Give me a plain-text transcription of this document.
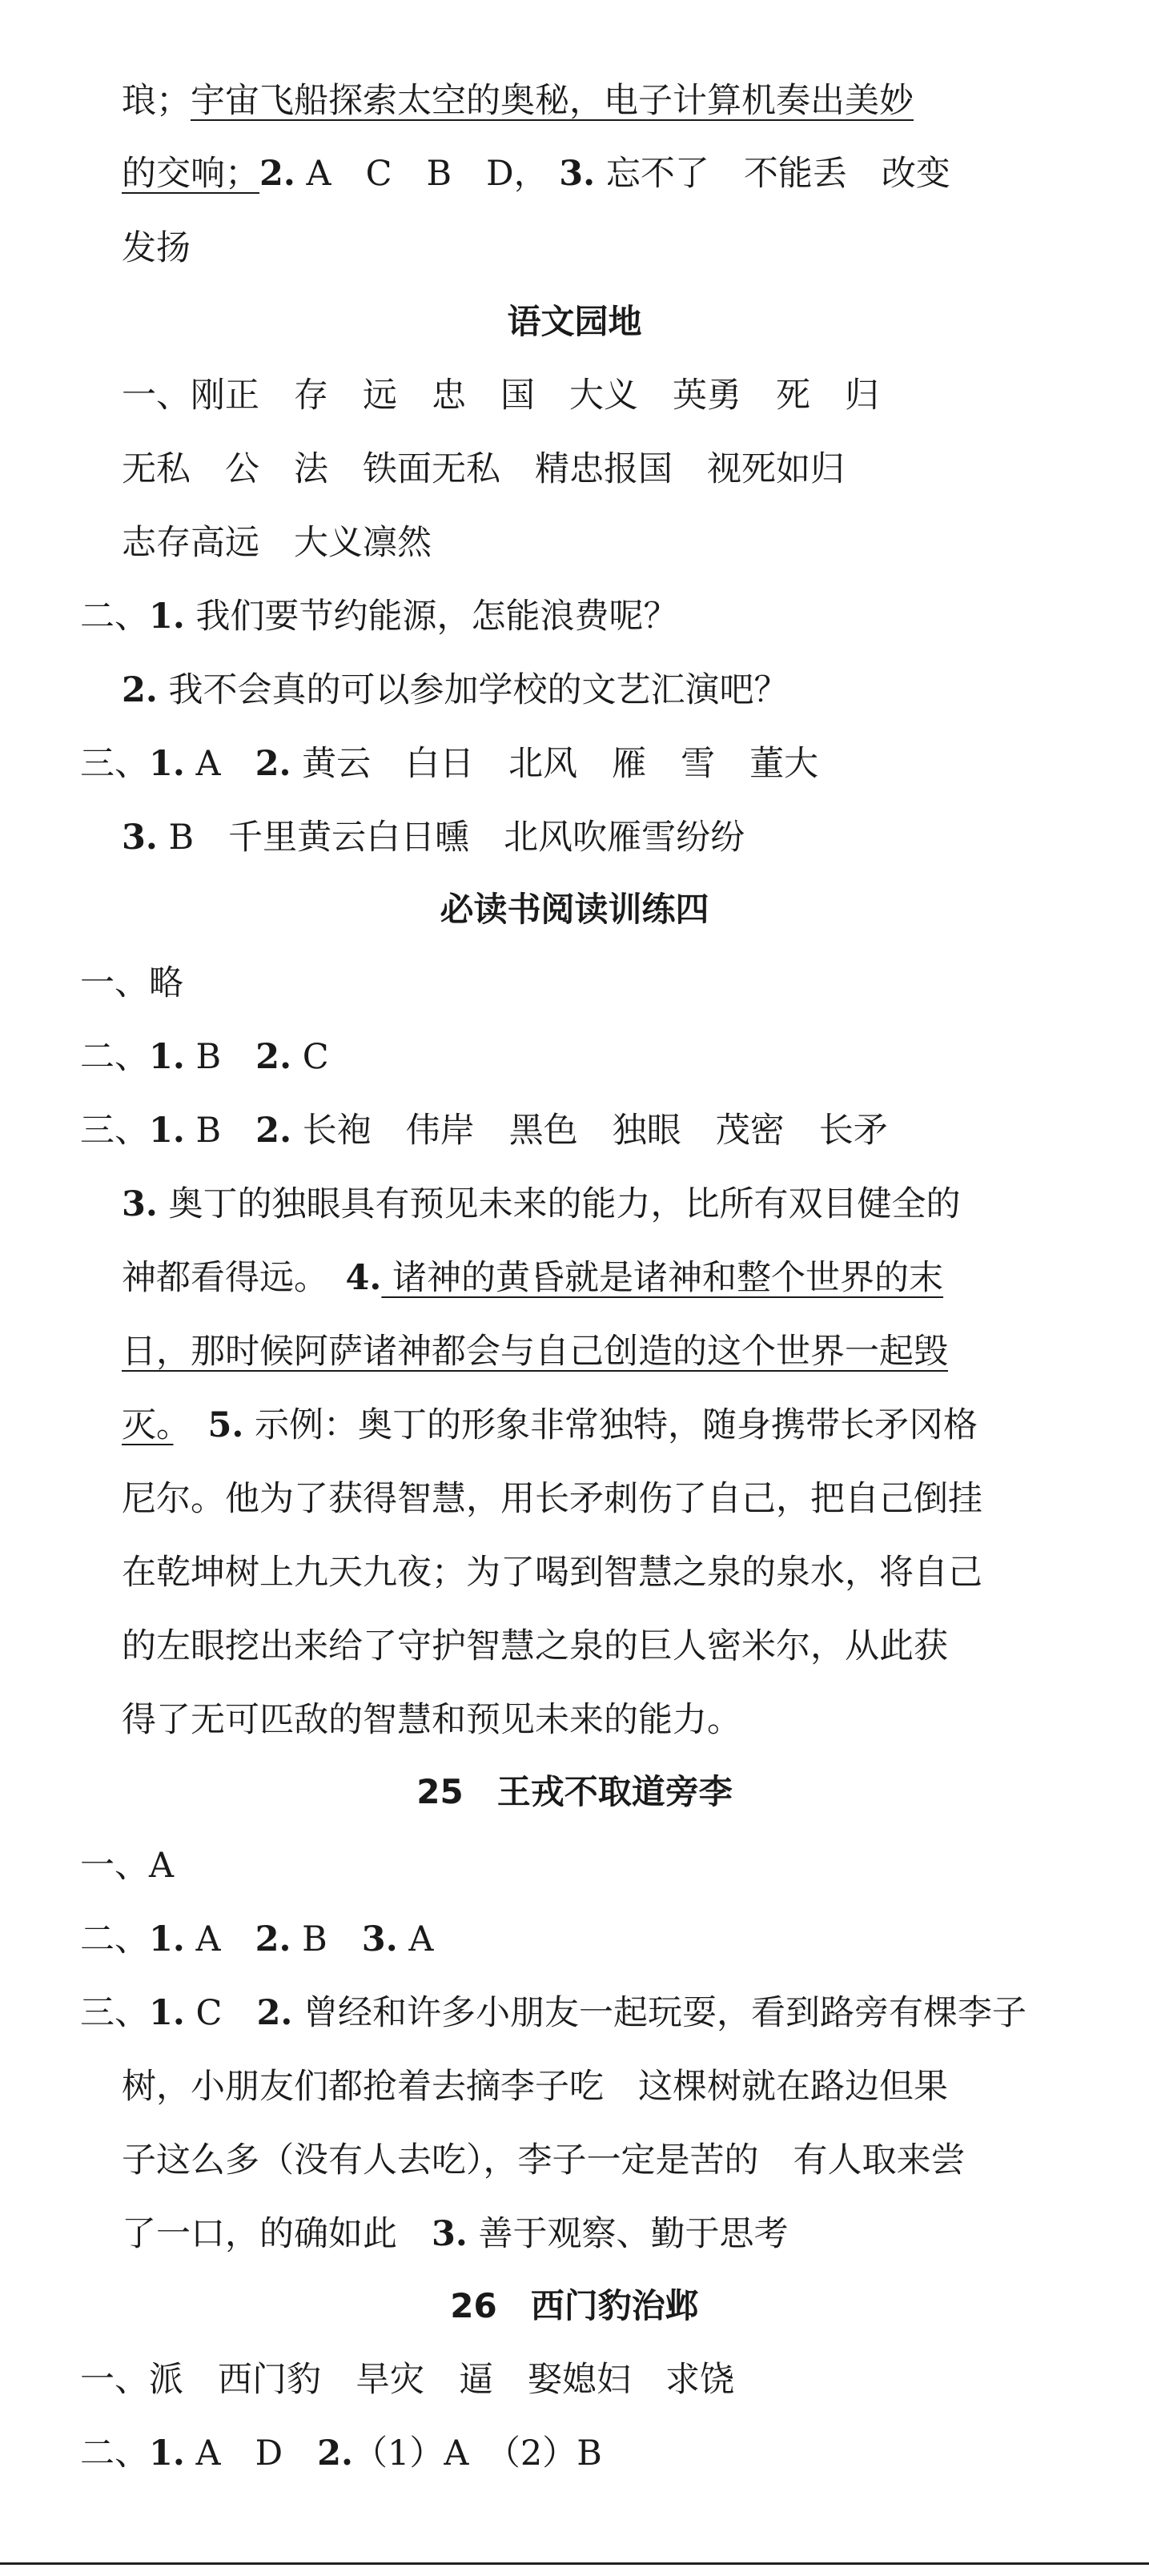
琅；宇宙飞船探索太空的奥秘，电子计算机奏出美妙
的交响；2. A　C　B　D， 3. 忘不了　不能丢　改变
发扬
语文园地
一、刚正　存　远　忠　国　大义　英勇　死　归
无私　公　法　铁面无私　精忠报国　视死如归
志存高远　大义凛然
二、1. 我们要节约能源，怎能浪费呢？
2. 我不会真的可以参加学校的文艺汇演吧？
三、1. A　2. 黄云　白日　北风　雁　雪　董大
3. B　千里黄云白日曛　北风吹雁雪纷纷
必读书阅读训练四
一、略
二、1. B　2. C
三、1. B　2. 长袍　伟岸　黑色　独眼　茂密　长矛
3. 奥丁的独眼具有预见未来的能力，比所有双目健全的
神都看得远。　4. 诸神的黄昏就是诸神和整个世界的末
日，那时候阿萨诸神都会与自己创造的这个世界一起毁
灭。　 5. 示例：奥丁的形象非常独特，随身携带长矛冈格
尼尔。他为了获得智慧，用长矛刺伤了自己，把自己倒挂
在乾坤树上九天九夜；为了喝到智慧之泉的泉水，将自己
的左眼挖出来给了守护智慧之泉的巨人密米尔，从此获
得了无可匹敌的智慧和预见未来的能力。
25　王戎不取道旁李
一、A
二、1. A　2. B　3. A
三、1. C　2. 曾经和许多小朋友一起玩耍，看到路旁有棵李子
树，小朋友们都抢着去摘李子吃　这棵树就在路边但果
子这么多（没有人去吃），李子一定是苦的　有人取来尝
了一口，的确如此　3. 善于观察、勤于思考
26　西门豹治邺
一、派　西门豹　旱灾　逼　娶媳妇　求饶
二、1. A　D　2.（1）A　（2）B
